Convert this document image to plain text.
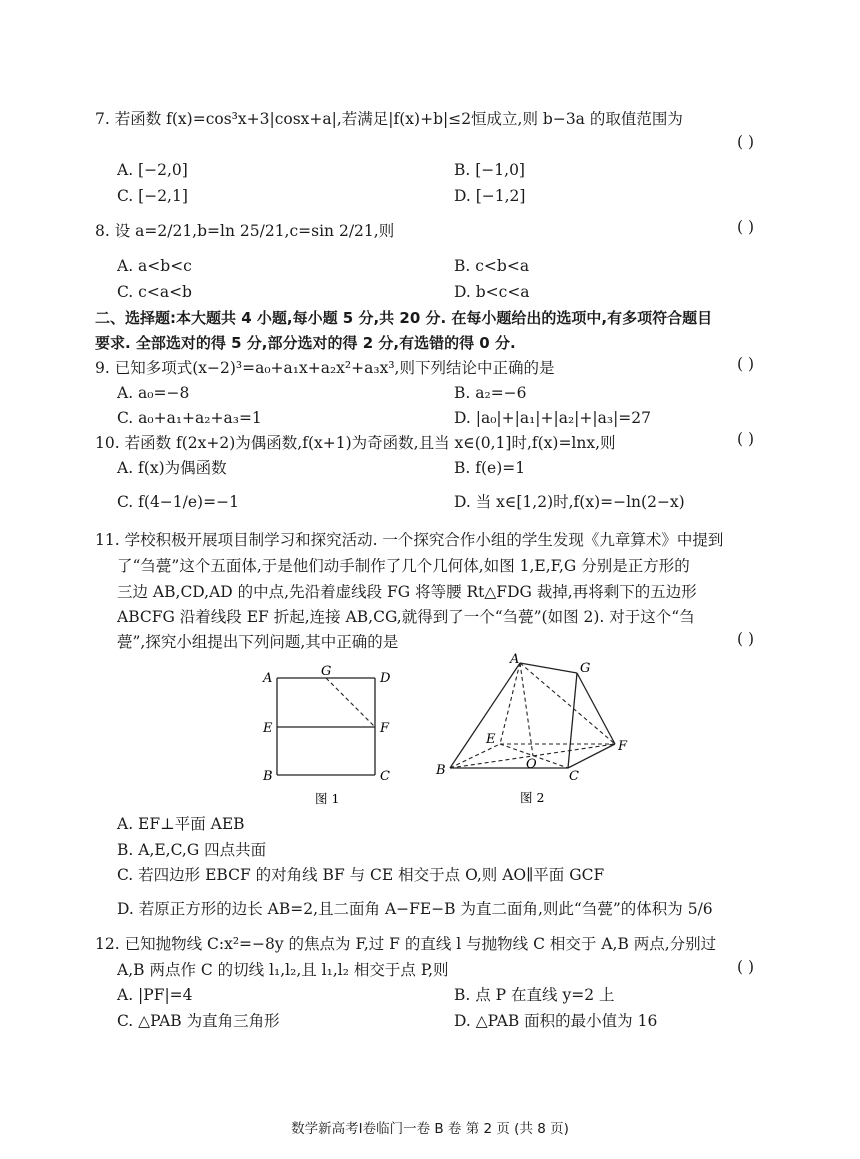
7. 若函数 f(x)=cos³x+3|cosx+a|,若满足|f(x)+b|≤2恒成立,则 b−3a 的取值范围为
( )
A. [−2,0]	B. [−1,0]
C. [−2,1]	D. [−1,2]
8. 设 a=2/21,b=ln 25/21,c=sin 2/21,则	( )
A. a<b<c	B. c<b<a
C. c<a<b	D. b<c<a
二、选择题:本大题共 4 小题,每小题 5 分,共 20 分. 在每小题给出的选项中,有多项符合题目
要求. 全部选对的得 5 分,部分选对的得 2 分,有选错的得 0 分.
9. 已知多项式(x−2)³=a₀+a₁x+a₂x²+a₃x³,则下列结论中正确的是	( )
A. a₀=−8	B. a₂=−6
C. a₀+a₁+a₂+a₃=1	D. |a₀|+|a₁|+|a₂|+|a₃|=27
10. 若函数 f(2x+2)为偶函数,f(x+1)为奇函数,且当 x∈(0,1]时,f(x)=lnx,则	( )
A. f(x)为偶函数	B. f(e)=1
C. f(4−1/e)=−1	D. 当 x∈[1,2)时,f(x)=−ln(2−x)
11. 学校积极开展项目制学习和探究活动. 一个探究合作小组的学生发现《九章算术》中提到
了“刍甍”这个五面体,于是他们动手制作了几个几何体,如图 1,E,F,G 分别是正方形的
三边 AB,CD,AD 的中点,先沿着虚线段 FG 将等腰 Rt△FDG 裁掉,再将剩下的五边形
ABCFG 沿着线段 EF 折起,连接 AB,CG,就得到了一个“刍甍”(如图 2). 对于这个“刍
甍”,探究小组提出下列问题,其中正确的是	( )
A	G	D
E	F
B	C
图 1
A
G
E	F
B	O
C
图 2
A. EF⊥平面 AEB
B. A,E,C,G 四点共面
C. 若四边形 EBCF 的对角线 BF 与 CE 相交于点 O,则 AO∥平面 GCF
D. 若原正方形的边长 AB=2,且二面角 A−FE−B 为直二面角,则此“刍甍”的体积为 5/6
12. 已知抛物线 C:x²=−8y 的焦点为 F,过 F 的直线 l 与抛物线 C 相交于 A,B 两点,分别过
A,B 两点作 C 的切线 l₁,l₂,且 l₁,l₂ 相交于点 P,则	( )
A. |PF|=4	B. 点 P 在直线 y=2 上
C. △PAB 为直角三角形	D. △PAB 面积的最小值为 16
数学新高考Ⅰ卷临门一卷 B 卷 第 2 页 (共 8 页)
